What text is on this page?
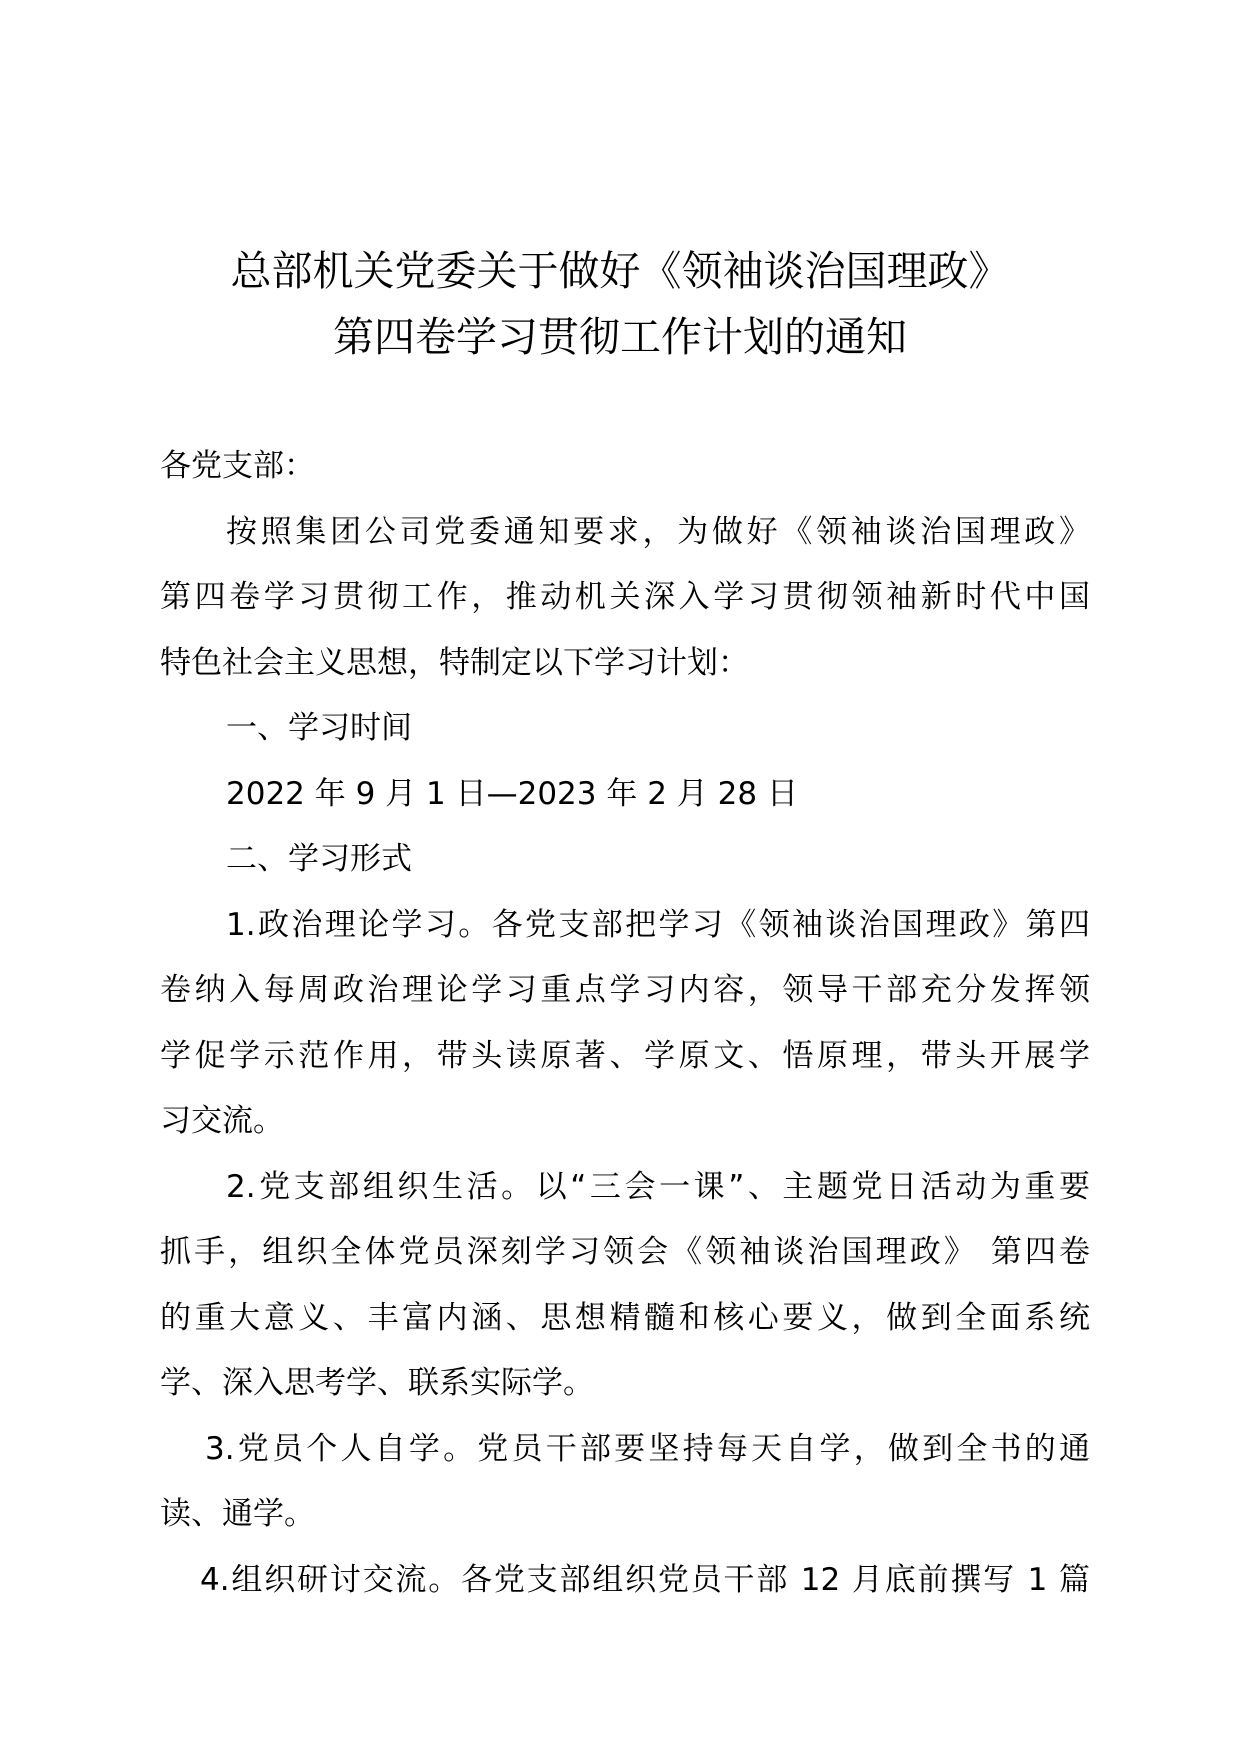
总部机关党委关于做好《领袖谈治国理政》
第四卷学习贯彻工作计划的通知
各党支部：
按照集团公司党委通知要求，为做好《领袖谈治国理政》
第四卷学习贯彻工作，推动机关深入学习贯彻领袖新时代中国
特色社会主义思想，特制定以下学习计划：
一、学习时间
2022 年 9 月 1 日—2023 年 2 月 28 日
二、学习形式
1.政治理论学习。各党支部把学习《领袖谈治国理政》第四
卷纳入每周政治理论学习重点学习内容，领导干部充分发挥领
学促学示范作用，带头读原著、学原文、悟原理，带头开展学
习交流。
2.党支部组织生活。以“三会一课”、主题党日活动为重要
抓手，组织全体党员深刻学习领会《领袖谈治国理政》 第四卷
的重大意义、丰富内涵、思想精髓和核心要义，做到全面系统
学、深入思考学、联系实际学。
3.党员个人自学。党员干部要坚持每天自学，做到全书的通
读、通学。
4.组织研讨交流。各党支部组织党员干部 12 月底前撰写 1 篇
